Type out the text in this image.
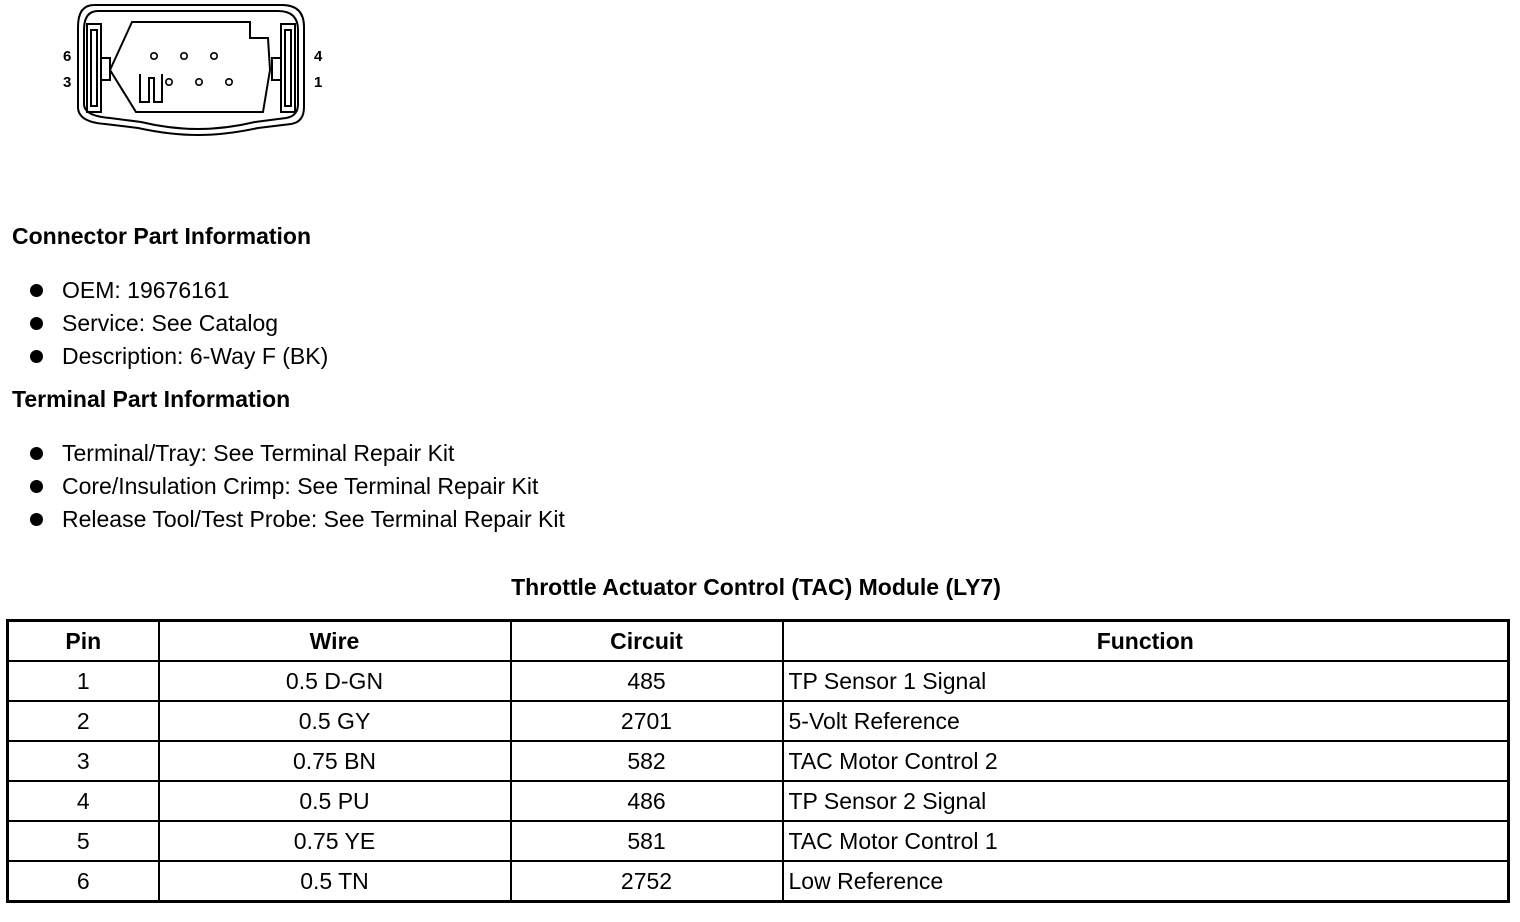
6
3
4
1
Connector Part Information
OEM: 19676161
Service: See Catalog
Description: 6-Way F (BK)
Terminal Part Information
Terminal/Tray: See Terminal Repair Kit
Core/Insulation Crimp: See Terminal Repair Kit
Release Tool/Test Probe: See Terminal Repair Kit
Throttle Actuator Control (TAC) Module (LY7)
Pin	Wire	Circuit	Function
1	0.5 D-GN	485	TP Sensor 1 Signal
2	0.5 GY	2701	5-Volt Reference
3	0.75 BN	582	TAC Motor Control 2
4	0.5 PU	486	TP Sensor 2 Signal
5	0.75 YE	581	TAC Motor Control 1
6	0.5 TN	2752	Low Reference
